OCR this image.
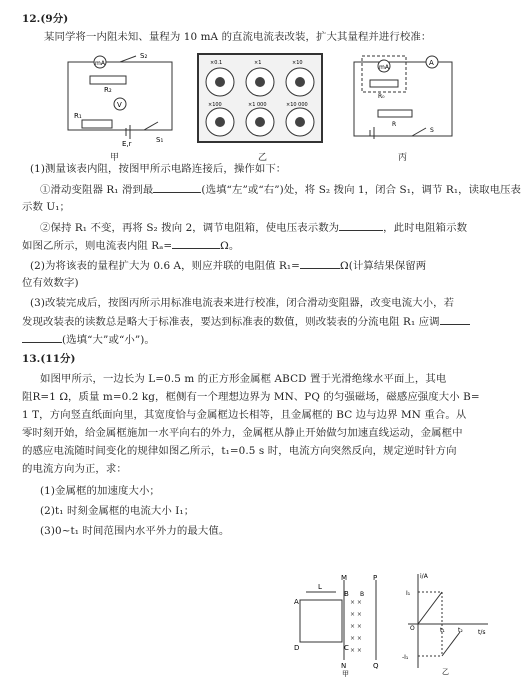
12.(9分)
某同学将一内阻未知、量程为 10 mA 的直流电流表改装，扩大其量程并进行校准：
mA
S₂
R₂
V
R₁
E,r	S₁
甲
×0.1	×1	×10
×100	×1 000	×10 000
乙
mA
A
R₀
R
S
丙
(1)测量该表内阻，按图甲所示电路连接后，操作如下：
①滑动变阻器 R₁ 滑到最	(选填“左”或“右”)处，将 S₂ 拨向 1，闭合 S₁，调节 R₁，读取电压表
示数 U₁；
②保持 R₁ 不变，再将 S₂ 拨向 2，调节电阻箱，使电压表示数为	，此时电阻箱示数
如图乙所示，则电流表内阻 Rₐ=	Ω。
(2)为将该表的量程扩大为 0.6 A，则应并联的电阻值 R₁=	Ω(计算结果保留两
位有效数字)
(3)改装完成后，按图丙所示用标准电流表来进行校准，闭合滑动变阻器，改变电流大小，若
发现改装表的读数总是略大于标准表，要达到标准表的数值，则改装表的分流电阻 R₁ 应调
(选填“大”或“小”)。
13.(11分)
如图甲所示，一边长为 L=0.5 m 的正方形金属框 ABCD 置于光滑绝缘水平面上，其电
阻R=1 Ω，质量 m=0.2 kg，框侧有一个理想边界为 MN、PQ 的匀强磁场，磁感应强度大小 B=
1 T，方向竖直纸面向里，其宽度恰与金属框边长相等，且金属框的 BC 边与边界 MN 重合。从
零时刻开始，给金属框施加一水平向右的外力，金属框从静止开始做匀加速直线运动，金属框中
的感应电流随时间变化的规律如图乙所示，t₁=0.5 s 时，电流方向突然反向，规定逆时针方向
的电流方向为正，求：
(1)金属框的加速度大小；
(2)t₁ 时刻金属框的电流大小 I₁；
(3)0~t₁ 时间范围内水平外力的最大值。
A
B
C
D
L
M	P
N	Q
× ×
× ×
× ×
× ×
× ×
B
甲
i/A
t/s
O
I₁
-I₁
t₁ t₂
乙
